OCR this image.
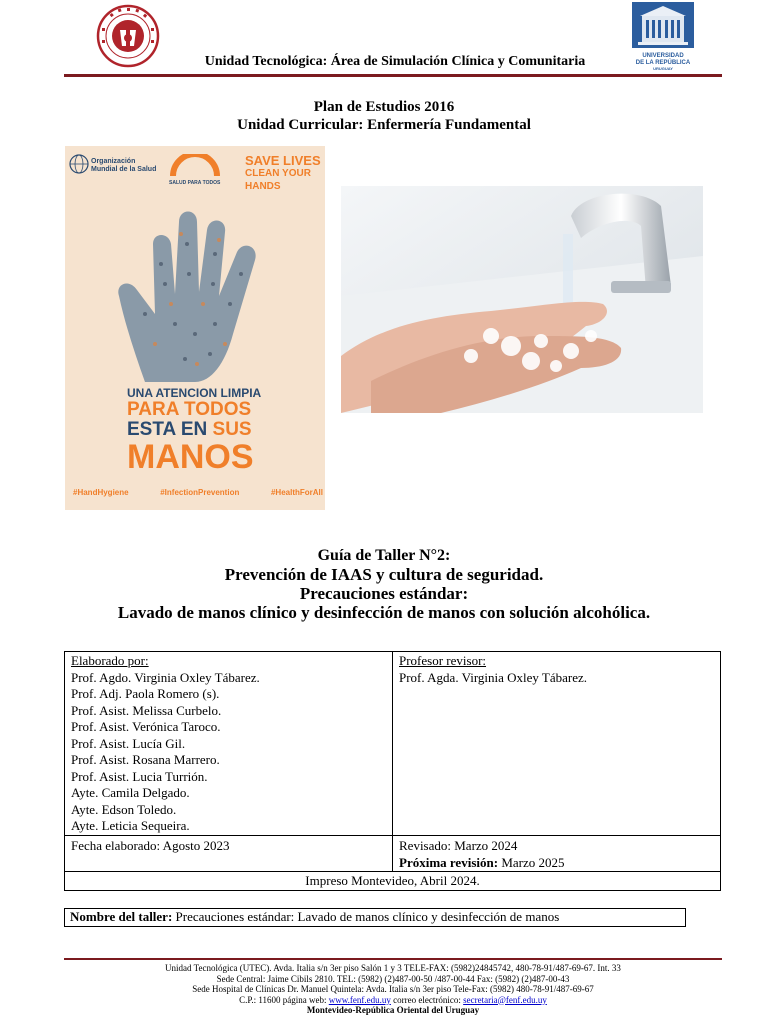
UNIVERSIDAD
DE LA REPÚBLICA
URUGUAY
Unidad Tecnológica: Área de Simulación Clínica y Comunitaria
Plan de Estudios 2016
Unidad Curricular: Enfermería Fundamental
Organización
Mundial de la Salud
SALUD PARA TODOS
SAVE LIVES
CLEAN YOUR HANDS
UNA ATENCION LIMPIA
PARA TODOS
ESTA EN SUS
MANOS
#HandHygiene	#InfectionPrevention	#HealthForAll
Guía de Taller N°2:
Prevención de IAAS y cultura de seguridad.
Precauciones estándar:
Lavado de manos clínico y desinfección de manos con solución alcohólica.
Elaborado por:
Prof. Agdo. Virginia Oxley Tábarez.
Prof. Adj. Paola Romero (s).
Prof. Asist. Melissa Curbelo.
Prof. Asist. Verónica Taroco.
Prof. Asist. Lucía Gil.
Prof. Asist. Rosana Marrero.
Prof. Asist. Lucia Turrión.
Ayte. Camila Delgado.
Ayte. Edson Toledo.
Ayte. Leticia Sequeira.
Profesor revisor:
Prof. Agda. Virginia Oxley Tábarez.
Fecha elaborado: Agosto 2023	Revisado: Marzo 2024
Próxima revisión: Marzo 2025
Impreso Montevideo, Abril 2024.
Nombre del taller: Precauciones estándar: Lavado de manos clínico y desinfección de manos
Unidad Tecnológica (UTEC). Avda. Italia s/n 3er piso Salón 1 y 3 TELE-FAX: (5982)24845742, 480-78-91/487-69-67. Int. 33
Sede Central: Jaime Cibils 2810. TEL: (5982) (2)487-00-50 /487-00-44 Fax: (5982) (2)487-00-43
Sede Hospital de Clínicas Dr. Manuel Quintela: Avda. Italia s/n 3er piso Tele-Fax: (5982) 480-78-91/487-69-67
C.P.: 11600 página web: www.fenf.edu.uy correo electrónico: secretaria@fenf.edu.uy
Montevideo-República Oriental del Uruguay
